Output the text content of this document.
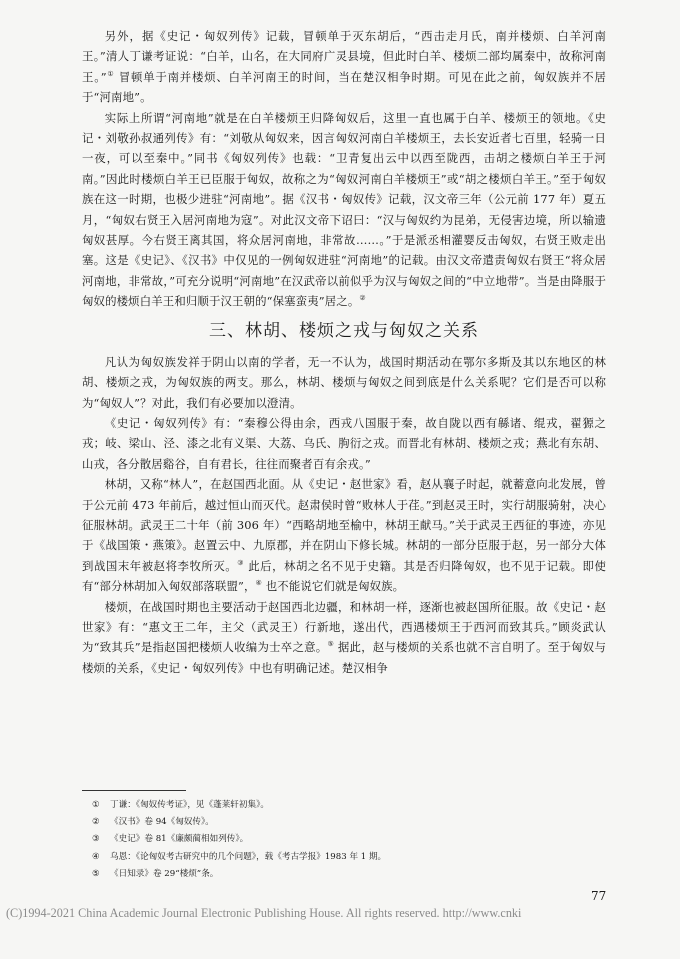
另外，据《史记・匈奴列传》记载，冒顿单于灭东胡后，“西击走月氏，南并楼烦、白羊河南王。”清人丁谦考证说：“白羊，山名，在大同府广灵县境，但此时白羊、楼烦二部均属秦中，故称河南王。”① 冒顿单于南并楼烦、白羊河南王的时间，当在楚汉相争时期。可见在此之前，匈奴族并不居于“河南地”。

实际上所谓“河南地”就是在白羊楼烦王归降匈奴后，这里一直也属于白羊、楼烦王的领地。《史记・刘敬孙叔通列传》有：“刘敬从匈奴来，因言匈奴河南白羊楼烦王，去长安近者七百里，轻骑一日一夜，可以至秦中。”同书《匈奴列传》也载：“卫青复出云中以西至陇西，击胡之楼烦白羊王于河南。”因此时楼烦白羊王已臣服于匈奴，故称之为“匈奴河南白羊楼烦王”或“胡之楼烦白羊王。”至于匈奴族在这一时期，也极少进驻“河南地”。据《汉书・匈奴传》记载，汉文帝三年（公元前 177 年）夏五月，“匈奴右贤王入居河南地为寇”。对此汉文帝下诏曰：“汉与匈奴约为昆弟，无侵害边境，所以输遗匈奴甚厚。今右贤王离其国，将众居河南地，非常故……。”于是派丞相灌婴反击匈奴，右贤王败走出塞。这是《史记》、《汉书》中仅见的一例匈奴进驻“河南地”的记载。由汉文帝遣责匈奴右贤王“将众居河南地，非常故，”可充分说明“河南地”在汉武帝以前似乎为汉与匈奴之间的“中立地带”。当是由降服于匈奴的楼烦白羊王和归顺于汉王朝的“保塞蛮夷”居之。②

三、林胡、楼烦之戎与匈奴之关系

凡认为匈奴族发祥于阴山以南的学者，无一不认为，战国时期活动在鄂尔多斯及其以东地区的林胡、楼烦之戎，为匈奴族的两支。那么，林胡、楼烦与匈奴之间到底是什么关系呢？它们是否可以称为“匈奴人”？对此，我们有必要加以澄清。

《史记・匈奴列传》有：“秦穆公得由余，西戎八国服于秦，故自陇以西有緜诸、绲戎，翟獂之戎；岐、梁山、泾、漆之北有义渠、大荔、乌氏、朐衍之戎。而晋北有林胡、楼烦之戎；燕北有东胡、山戎，各分散居谿谷，自有君长，往往而聚者百有余戎。”

林胡，又称“林人”，在赵国西北面。从《史记・赵世家》看，赵从襄子时起，就蓄意向北发展，曾于公元前 473 年前后，越过恒山而灭代。赵肃侯时曾“败林人于荏。”到赵灵王时，实行胡服骑射，决心征服林胡。武灵王二十年（前 306 年）“西略胡地至榆中，林胡王献马。”关于武灵王西征的事迹，亦见于《战国策・燕策》。赵置云中、九原郡，并在阴山下修长城。林胡的一部分臣服于赵，另一部分大体到战国末年被赵将李牧所灭。③ 此后，林胡之名不见于史籍。其是否归降匈奴，也不见于记载。即使有“部分林胡加入匈奴部落联盟”，④ 也不能说它们就是匈奴族。

楼烦，在战国时期也主要活动于赵国西北边疆，和林胡一样，逐渐也被赵国所征服。故《史记・赵世家》有：“惠文王二年，主父（武灵王）行新地，遂出代，西遇楼烦王于西河而致其兵。”顾炎武认为“致其兵”是指赵国把楼烦人收编为士卒之意。⑤ 据此，赵与楼烦的关系也就不言自明了。至于匈奴与楼烦的关系，《史记・匈奴列传》中也有明确记述。楚汉相争

① 丁谦：《匈奴传考证》，见《蓬莱轩初集》。
② 《汉书》卷 94《匈奴传》。
③ 《史记》卷 81《廉颇蔺相如列传》。
④ 乌恩：《论匈奴考古研究中的几个问题》，载《考古学报》1983 年 1 期。
⑤ 《日知录》卷 29“楼烦”条。
77
(C)1994-2021 China Academic Journal Electronic Publishing House. All rights reserved. http://www.cnki
